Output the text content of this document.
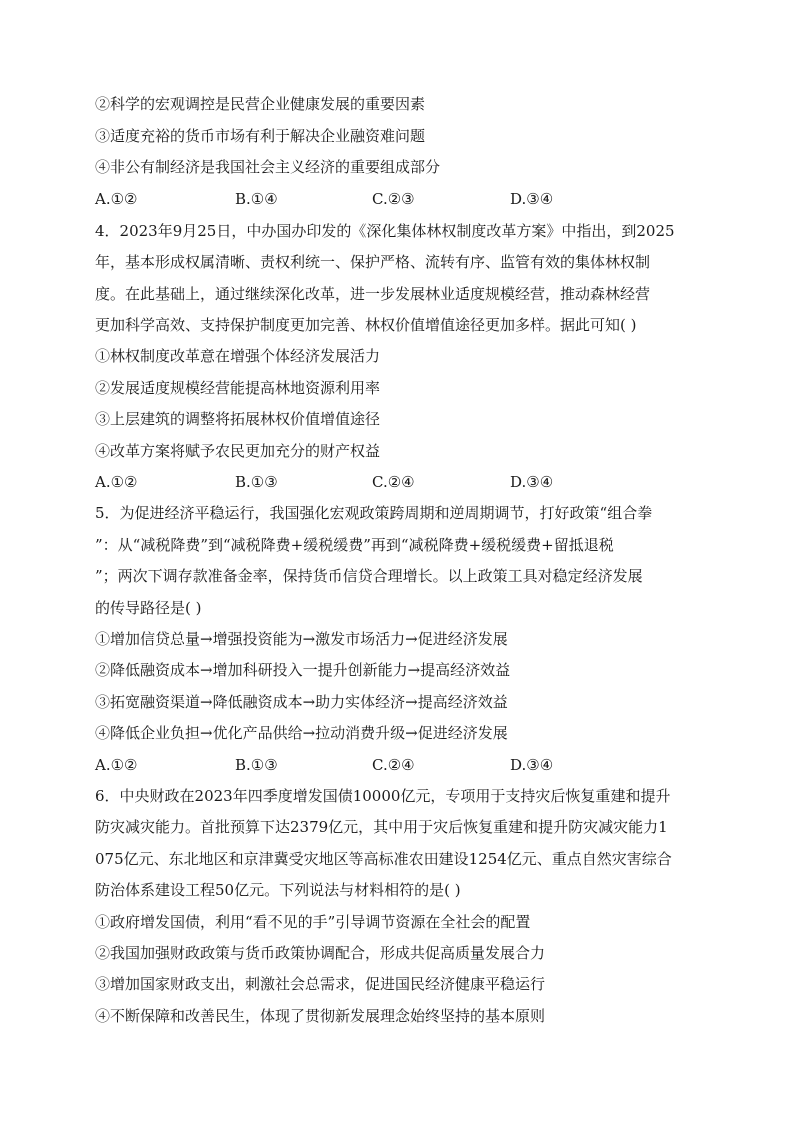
②科学的宏观调控是民营企业健康发展的重要因素
③适度充裕的货币市场有利于解决企业融资难问题
④非公有制经济是我国社会主义经济的重要组成部分
A.①②	B.①④	C.②③	D.③④
4．2023年9月25日，中办国办印发的《深化集体林权制度改革方案》中指出，到2025
年，基本形成权属清晰、责权利统一、保护严格、流转有序、监管有效的集体林权制
度。在此基础上，通过继续深化改革，进一步发展林业适度规模经营，推动森林经营
更加科学高效、支持保护制度更加完善、林权价值增值途径更加多样。据此可知( )
①林权制度改革意在增强个体经济发展活力
②发展适度规模经营能提高林地资源利用率
③上层建筑的调整将拓展林权价值增值途径
④改革方案将赋予农民更加充分的财产权益
A.①②	B.①③	C.②④	D.③④
5．为促进经济平稳运行，我国强化宏观政策跨周期和逆周期调节，打好政策“组合拳
”：从“减税降费”到“减税降费+缓税缓费”再到“减税降费+缓税缓费+留抵退税
”；两次下调存款准备金率，保持货币信贷合理增长。以上政策工具对稳定经济发展
的传导路径是( )
①增加信贷总量→增强投资能为→激发市场活力→促进经济发展
②降低融资成本→增加科研投入一提升创新能力→提高经济效益
③拓宽融资渠道→降低融资成本→助力实体经济→提高经济效益
④降低企业负担→优化产品供给→拉动消费升级→促进经济发展
A.①②	B.①③	C.②④	D.③④
6．中央财政在2023年四季度增发国债10000亿元，专项用于支持灾后恢复重建和提升
防灾减灾能力。首批预算下达2379亿元，其中用于灾后恢复重建和提升防灾减灾能力1
075亿元、东北地区和京津冀受灾地区等高标准农田建设1254亿元、重点自然灾害综合
防治体系建设工程50亿元。下列说法与材料相符的是( )
①政府增发国债，利用“看不见的手”引导调节资源在全社会的配置
②我国加强财政政策与货币政策协调配合，形成共促高质量发展合力
③增加国家财政支出，刺激社会总需求，促进国民经济健康平稳运行
④不断保障和改善民生，体现了贯彻新发展理念始终坚持的基本原则
